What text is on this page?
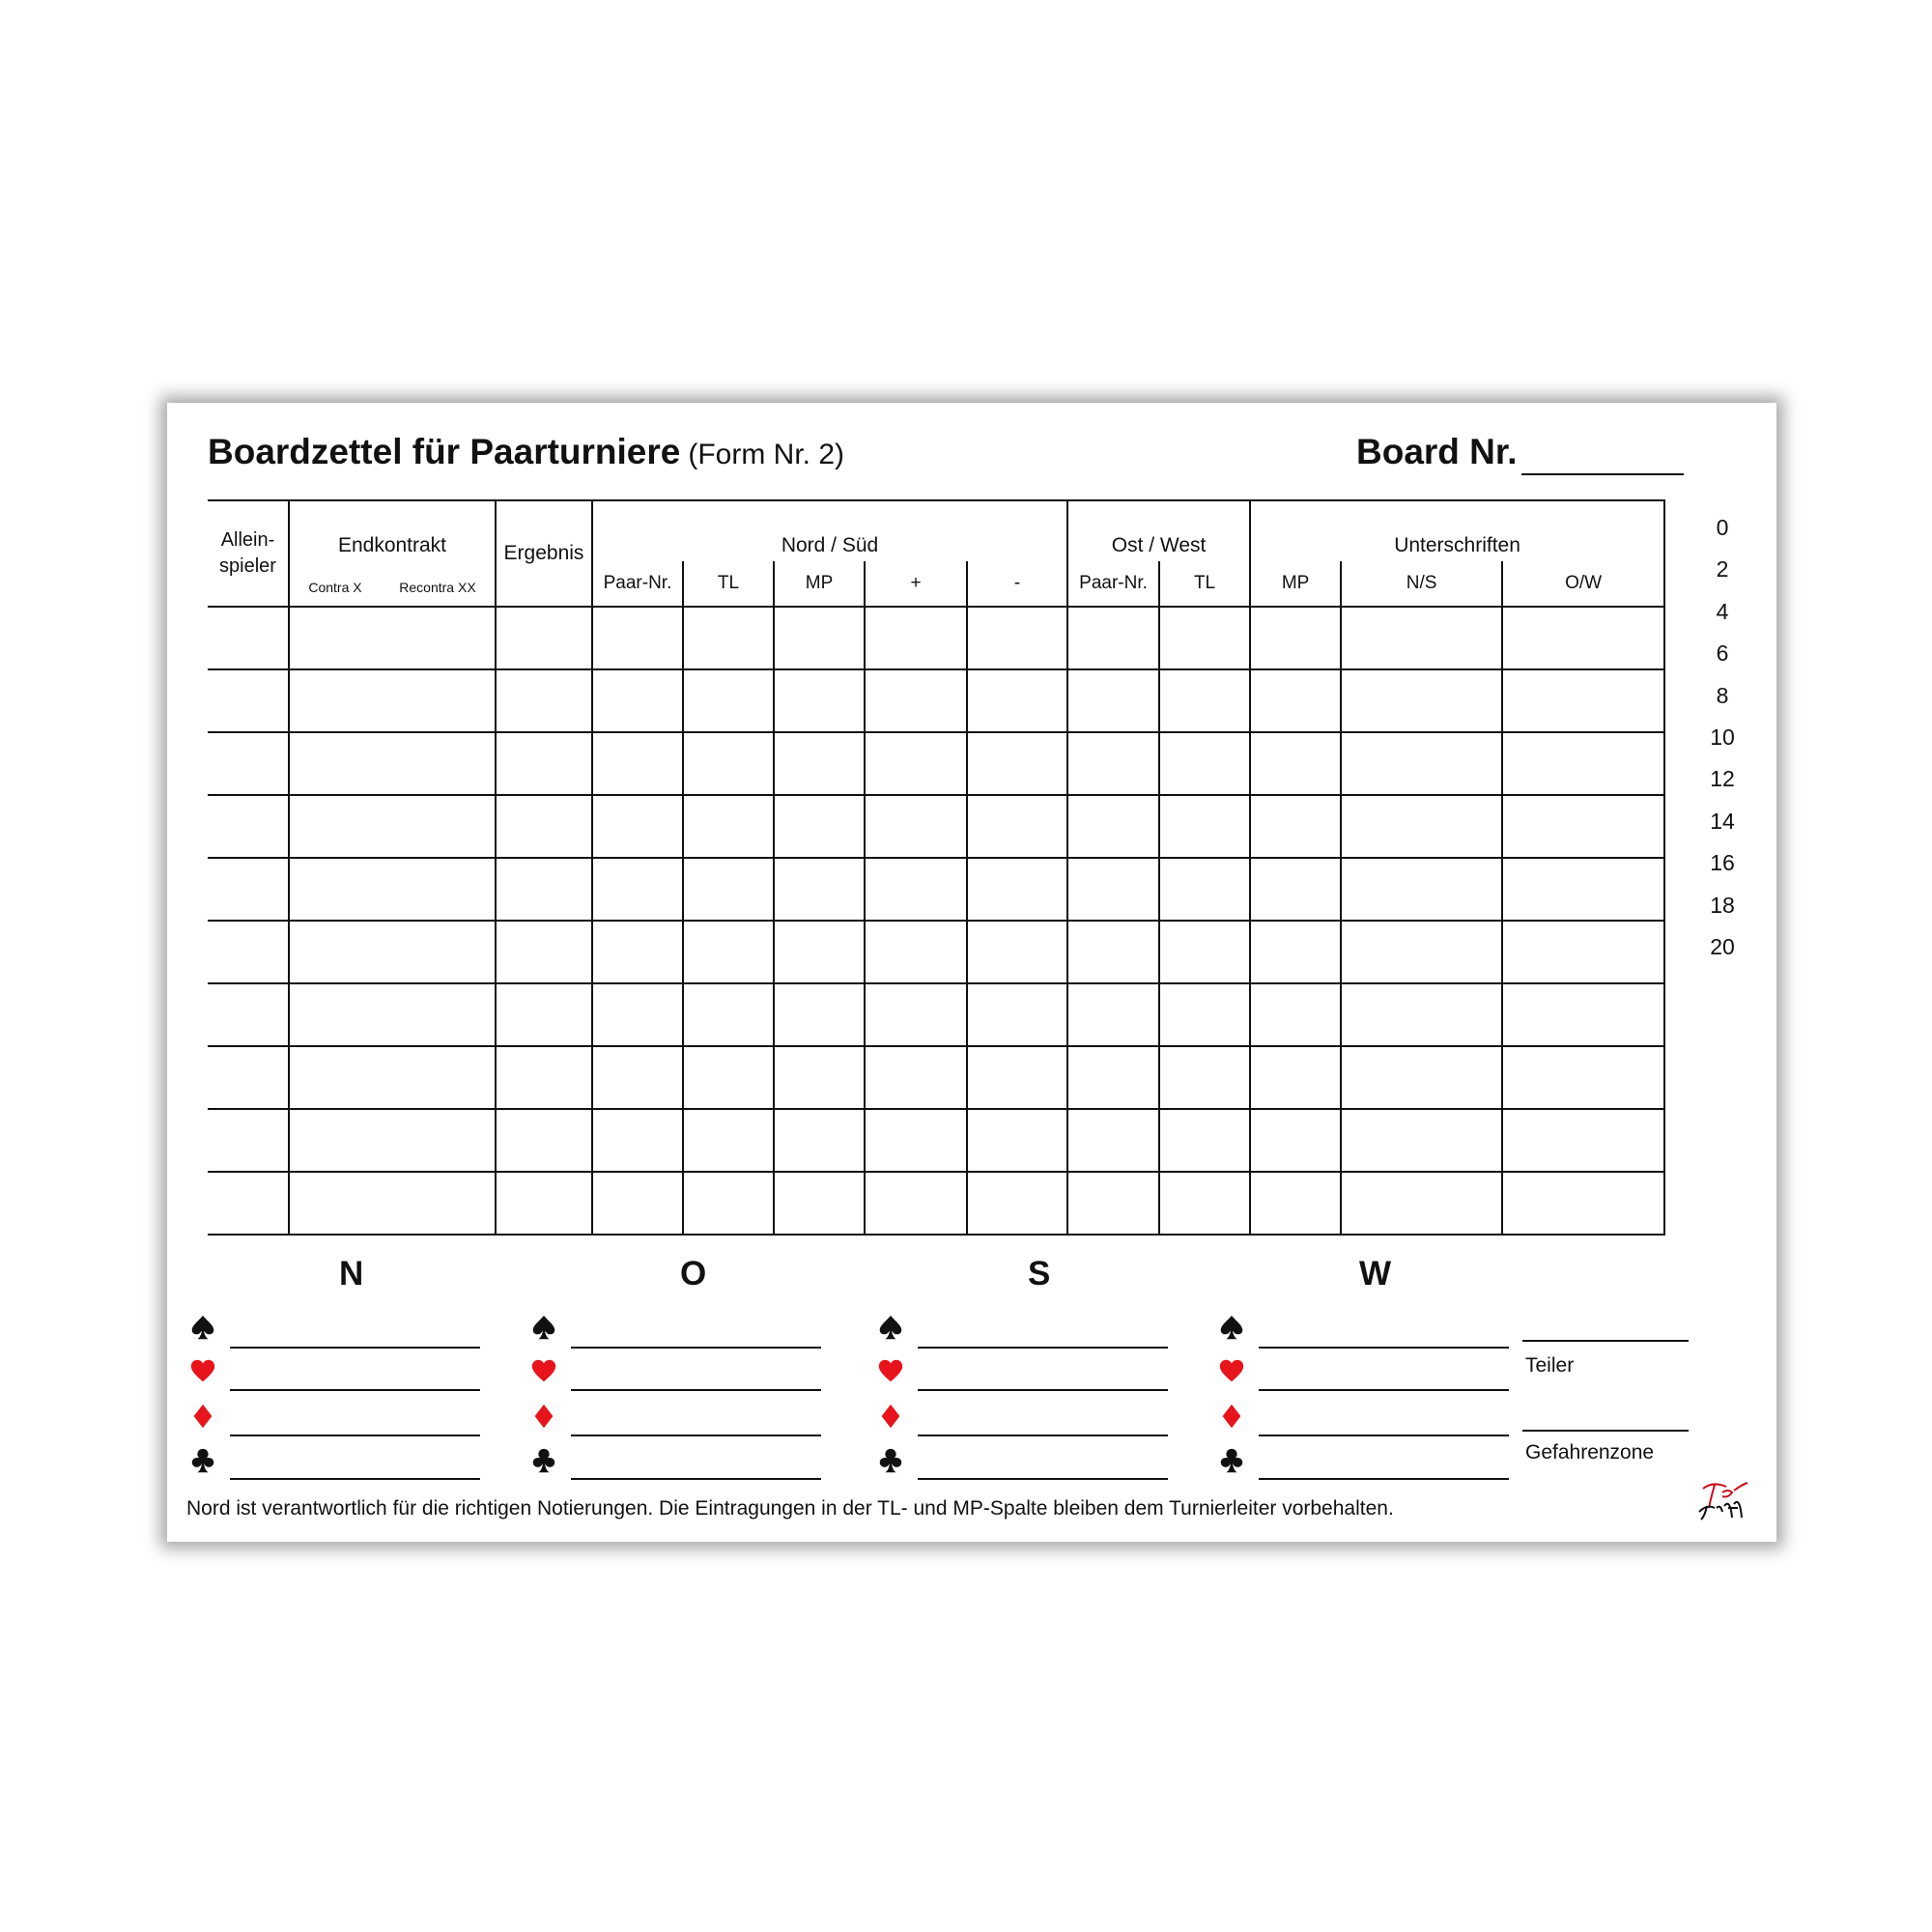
Boardzettel für Paarturniere (Form Nr. 2)	Board Nr.
Allein-
spieler	Endkontrakt	Ergebnis	Nord / Süd					Ost / West		Unterschriften		

	Contra X Recontra XX		Paar-Nr.	TL	MP	+	-	Paar-Nr.	TL	MP	N/S	O/W

0
2
4
6
8
10
12
14
16
18
20
N	O	S	W
Teiler
Gefahrenzone
Nord ist verantwortlich für die richtigen Notierungen. Die Eintragungen in der TL- und MP-Spalte bleiben dem Turnierleiter vorbehalten.
